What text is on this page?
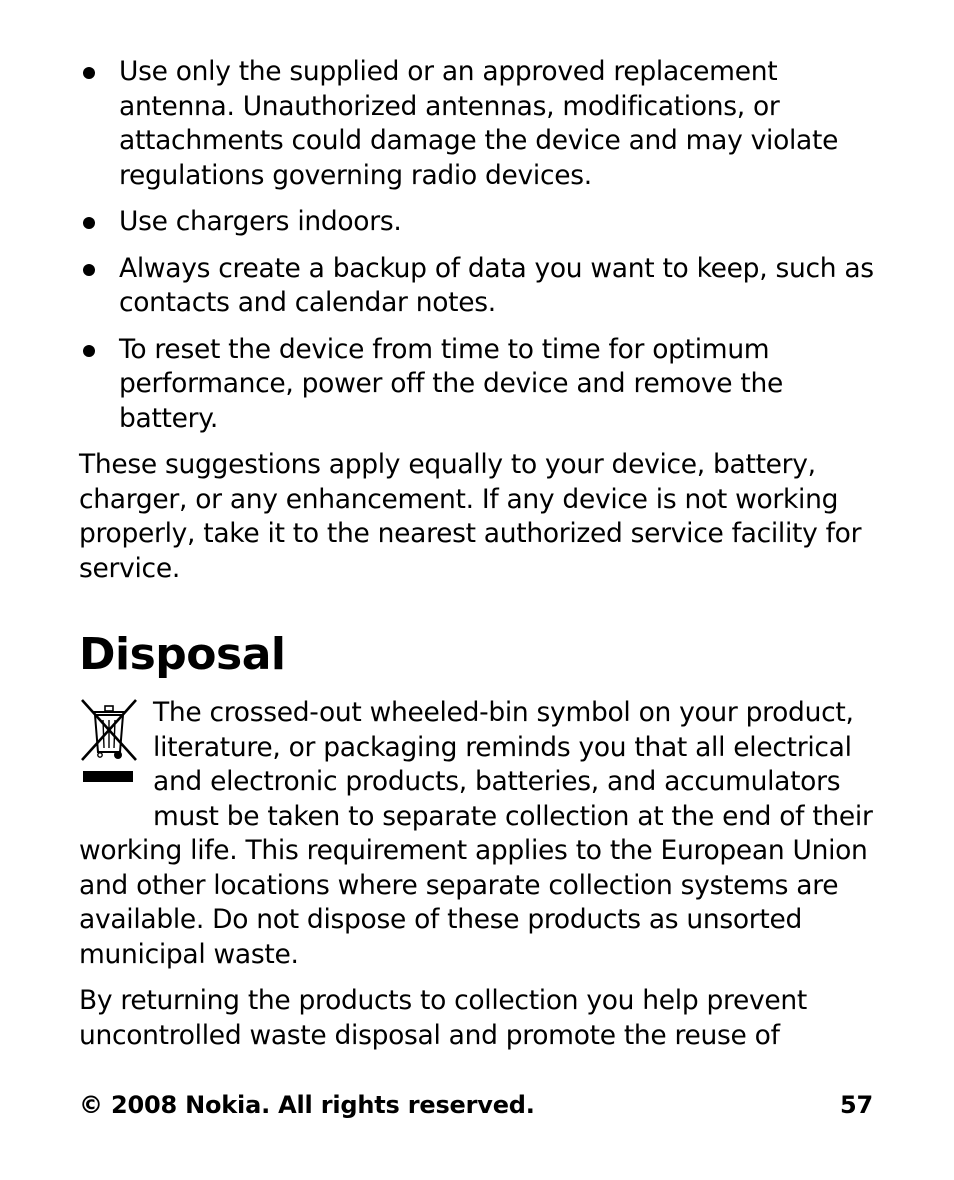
Use only the supplied or an approved replacement antenna. Unauthorized antennas, modifications, or attachments could damage the device and may violate regulations governing radio devices.
Use chargers indoors.
Always create a backup of data you want to keep, such as contacts and calendar notes.
To reset the device from time to time for optimum performance, power off the device and remove the battery.

These suggestions apply equally to your device, battery, charger, or any enhancement. If any device is not working properly, take it to the nearest authorized service facility for service.

Disposal

The crossed-out wheeled-bin symbol on your product, literature, or packaging reminds you that all electrical and electronic products, batteries, and accumulators must be taken to separate collection at the end of their working life. This requirement applies to the European Union and other locations where separate collection systems are available. Do not dispose of these products as unsorted municipal waste.

By returning the products to collection you help prevent uncontrolled waste disposal and promote the reuse of

© 2008 Nokia. All rights reserved.	57
